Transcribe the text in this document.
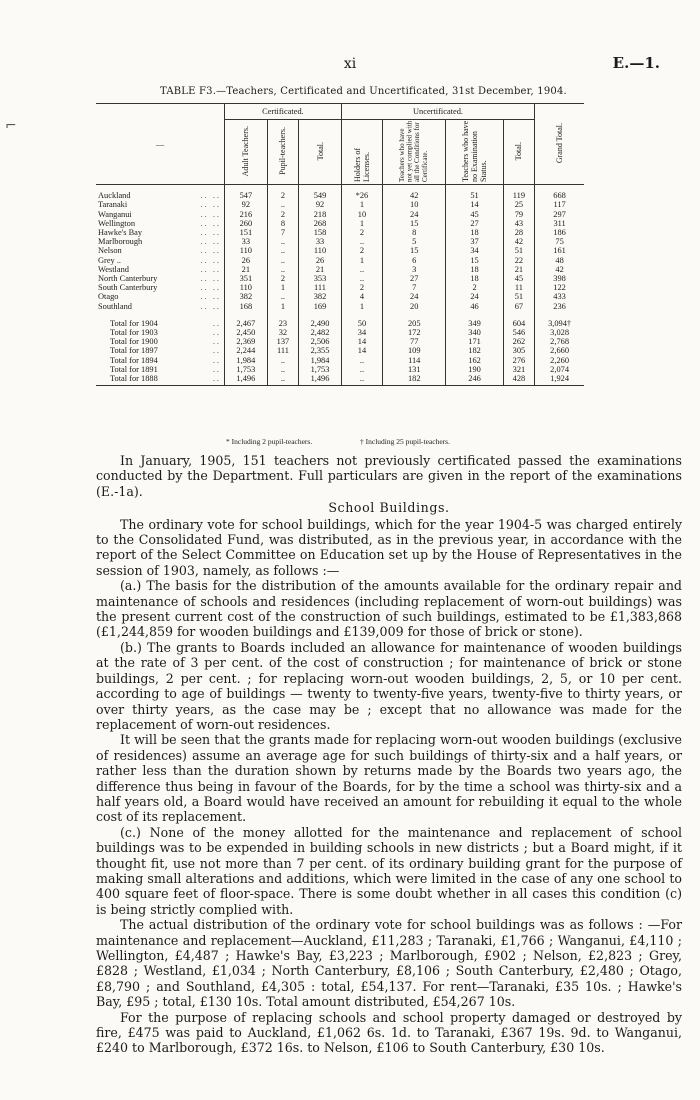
⌐
xi	E.—1.
TABLE F3.—Teachers, Certificated and Uncertificated, 31st December, 1904.
—	Certificated.			Uncertificated.				Grand Total.
	Adult Teachers.	Pupil-teachers.	Total.	Holders of Licenses.	Teachers who have not yet complied with all the Conditions for Certificate.	Teachers who have no Examination Status.	Total.	
Auckland .. ..	547	2	549	*26	42	51	119	668
Taranaki .. ..	92	..	92	1	10	14	25	117
Wanganui .. ..	216	2	218	10	24	45	79	297
Wellington .. ..	260	8	268	1	15	27	43	311
Hawke's Bay .. ..	151	7	158	2	8	18	28	186
Marlborough .. ..	33	..	33	..	5	37	42	75
Nelson .. ..	110	..	110	2	15	34	51	161
Grey .. .. ..	26	..	26	1	6	15	22	48
Westland .. ..	21	..	21	..	3	18	21	42
North Canterbury .. ..	351	2	353	..	27	18	45	398
South Canterbury .. ..	110	1	111	2	7	2	11	122
Otago .. ..	382	..	382	4	24	24	51	433
Southland .. ..	168	1	169	1	20	46	67	236
Total for 1904 ..	2,467	23	2,490	50	205	349	604	3,094†
Total for 1903 ..	2,450	32	2,482	34	172	340	546	3,028
Total for 1900 ..	2,369	137	2,506	14	77	171	262	2,768
Total for 1897 ..	2,244	111	2,355	14	109	182	305	2,660
Total for 1894 ..	1,984	..	1,984	..	114	162	276	2,260
Total for 1891 ..	1,753	..	1,753	..	131	190	321	2,074
Total for 1888 ..	1,496	..	1,496	..	182	246	428	1,924
* Including 2 pupil-teachers.	† Including 25 pupil-teachers.

In January, 1905, 151 teachers not previously certificated passed the examinations conducted by the Department. Full particulars are given in the report of the examinations (E.-1a).

School Buildings.

The ordinary vote for school buildings, which for the year 1904-5 was charged entirely to the Consolidated Fund, was distributed, as in the previous year, in accordance with the report of the Select Committee on Education set up by the House of Representatives in the session of 1903, namely, as follows :—

(a.) The basis for the distribution of the amounts available for the ordinary repair and maintenance of schools and residences (including replacement of worn-out buildings) was the present current cost of the construction of such buildings, estimated to be £1,383,868 (£1,244,859 for wooden buildings and £139,009 for those of brick or stone).

(b.) The grants to Boards included an allowance for maintenance of wooden buildings at the rate of 3 per cent. of the cost of construction ; for maintenance of brick or stone buildings, 2 per cent. ; for replacing worn-out wooden buildings, 2, 5, or 10 per cent. according to age of buildings — twenty to twenty-five years, twenty-five to thirty years, or over thirty years, as the case may be ; except that no allowance was made for the replacement of worn-out residences.

It will be seen that the grants made for replacing worn-out wooden buildings (exclusive of residences) assume an average age for such buildings of thirty-six and a half years, or rather less than the duration shown by returns made by the Boards two years ago, the difference thus being in favour of the Boards, for by the time a school was thirty-six and a half years old, a Board would have received an amount for rebuilding it equal to the whole cost of its replacement.

(c.) None of the money allotted for the maintenance and replacement of school buildings was to be expended in building schools in new districts ; but a Board might, if it thought fit, use not more than 7 per cent. of its ordinary building grant for the purpose of making small alterations and additions, which were limited in the case of any one school to 400 square feet of floor-space. There is some doubt whether in all cases this condition (c) is being strictly complied with.

The actual distribution of the ordinary vote for school buildings was as follows : —For maintenance and replacement—Auckland, £11,283 ; Taranaki, £1,766 ; Wanganui, £4,110 ; Wellington, £4,487 ; Hawke's Bay, £3,223 ; Marlborough, £902 ; Nelson, £2,823 ; Grey, £828 ; Westland, £1,034 ; North Canterbury, £8,106 ; South Canterbury, £2,480 ; Otago, £8,790 ; and Southland, £4,305 : total, £54,137. For rent—Taranaki, £35 10s. ; Hawke's Bay, £95 ; total, £130 10s. Total amount distributed, £54,267 10s.

For the purpose of replacing schools and school property damaged or destroyed by fire, £475 was paid to Auckland, £1,062 6s. 1d. to Taranaki, £367 19s. 9d. to Wanganui, £240 to Marlborough, £372 16s. to Nelson, £106 to South Canterbury, £30 10s.
